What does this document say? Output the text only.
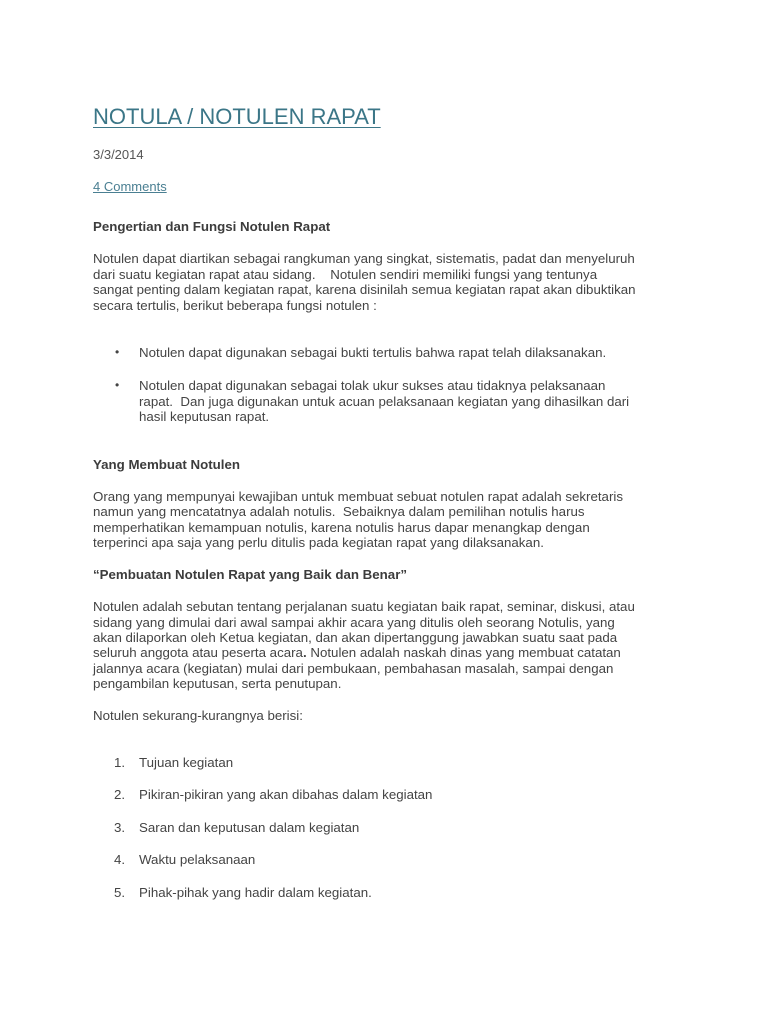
NOTULA / NOTULEN RAPAT
3/3/2014
4 Comments

Pengertian dan Fungsi Notulen Rapat

Notulen dapat diartikan sebagai rangkuman yang singkat, sistematis, padat dan menyeluruh
dari suatu kegiatan rapat atau sidang.    Notulen sendiri memiliki fungsi yang tentunya
sangat penting dalam kegiatan rapat, karena disinilah semua kegiatan rapat akan dibuktikan
secara tertulis, berikut beberapa fungsi notulen :

• Notulen dapat digunakan sebagai bukti tertulis bahwa rapat telah dilaksanakan.
• Notulen dapat digunakan sebagai tolak ukur sukses atau tidaknya pelaksanaan
rapat.  Dan juga digunakan untuk acuan pelaksanaan kegiatan yang dihasilkan dari
hasil keputusan rapat.

Yang Membuat Notulen

Orang yang mempunyai kewajiban untuk membuat sebuat notulen rapat adalah sekretaris
namun yang mencatatnya adalah notulis.  Sebaiknya dalam pemilihan notulis harus
memperhatikan kemampuan notulis, karena notulis harus dapar menangkap dengan
terperinci apa saja yang perlu ditulis pada kegiatan rapat yang dilaksanakan.

“Pembuatan Notulen Rapat yang Baik dan Benar”

Notulen adalah sebutan tentang perjalanan suatu kegiatan baik rapat, seminar, diskusi, atau
sidang yang dimulai dari awal sampai akhir acara yang ditulis oleh seorang Notulis, yang
akan dilaporkan oleh Ketua kegiatan, dan akan dipertanggung jawabkan suatu saat pada
seluruh anggota atau peserta acara. Notulen adalah naskah dinas yang membuat catatan
jalannya acara (kegiatan) mulai dari pembukaan, pembahasan masalah, sampai dengan
pengambilan keputusan, serta penutupan.

Notulen sekurang-kurangnya berisi:

1. Tujuan kegiatan
2. Pikiran-pikiran yang akan dibahas dalam kegiatan
3. Saran dan keputusan dalam kegiatan
4. Waktu pelaksanaan
5. Pihak-pihak yang hadir dalam kegiatan.
